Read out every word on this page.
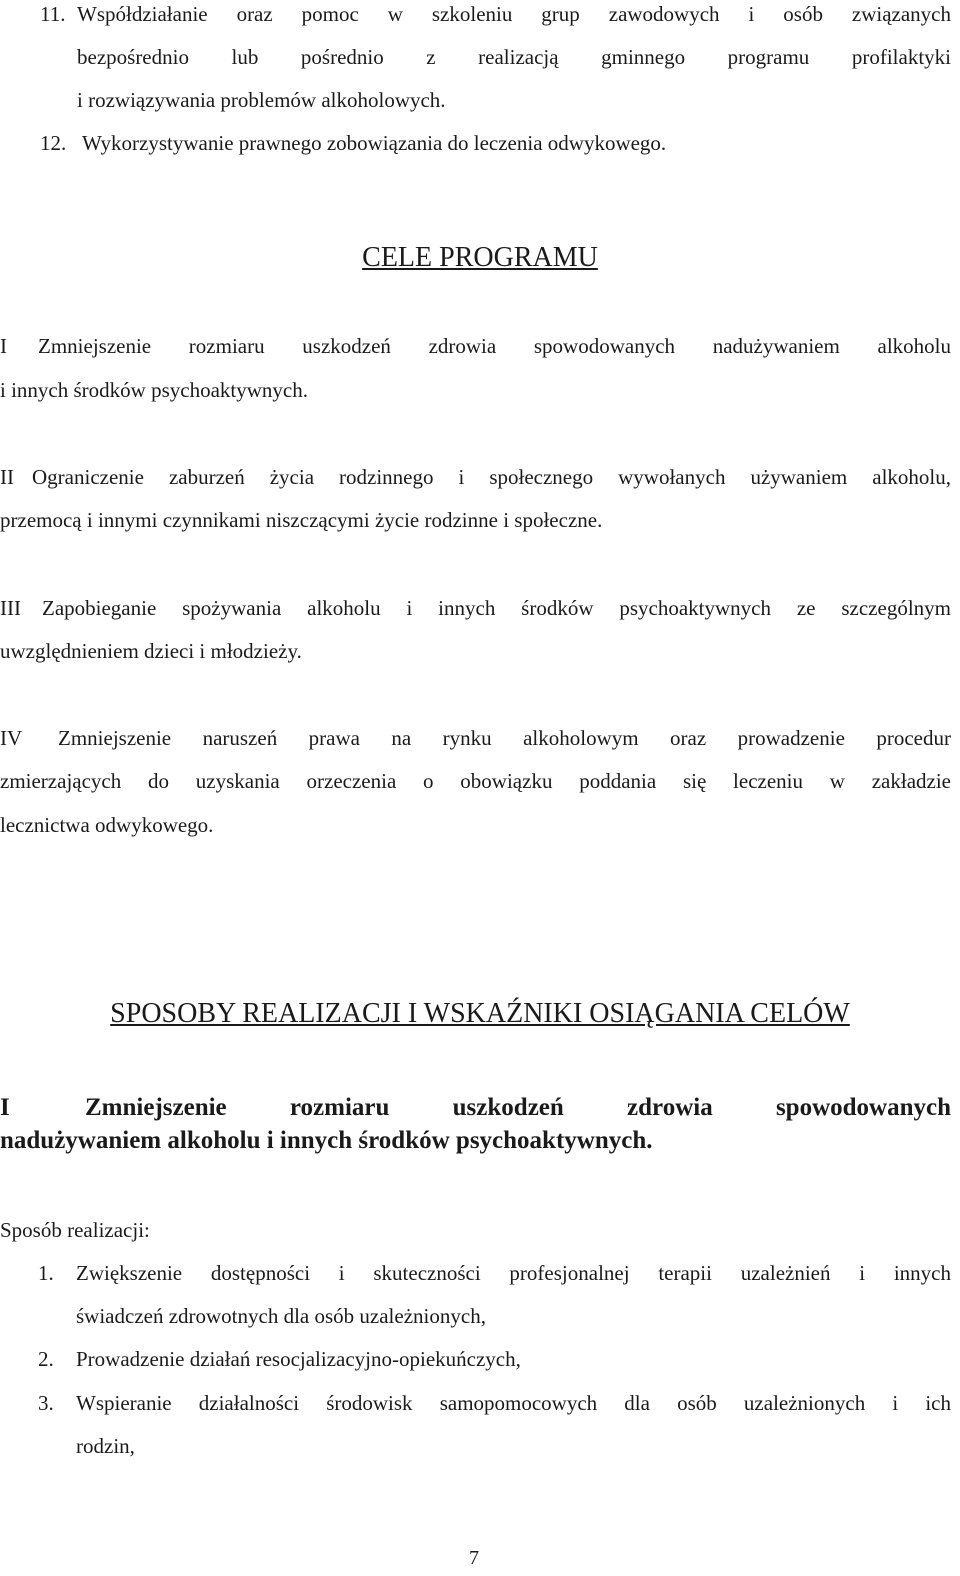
11. Współdziałanie oraz pomoc w szkoleniu grup zawodowych i osób związanych
bezpośrednio lub pośrednio z realizacją gminnego programu profilaktyki
i rozwiązywania problemów alkoholowych.
12. Wykorzystywanie prawnego zobowiązania do leczenia odwykowego.
CELE PROGRAMU
I Zmniejszenie rozmiaru uszkodzeń zdrowia spowodowanych nadużywaniem alkoholu
i innych środków psychoaktywnych.
II Ograniczenie zaburzeń życia rodzinnego i społecznego wywołanych używaniem alkoholu,
przemocą i innymi czynnikami niszczącymi życie rodzinne i społeczne.
III Zapobieganie spożywania alkoholu i innych środków psychoaktywnych ze szczególnym
uwzględnieniem dzieci i młodzieży.
IV Zmniejszenie naruszeń prawa na rynku alkoholowym oraz prowadzenie procedur
zmierzających do uzyskania orzeczenia o obowiązku poddania się leczeniu w zakładzie
lecznictwa odwykowego.
SPOSOBY REALIZACJI I WSKAŹNIKI OSIĄGANIA CELÓW
I	Zmniejszenie rozmiaru uszkodzeń zdrowia spowodowanych
nadużywaniem alkoholu i innych środków psychoaktywnych.
Sposób realizacji:
1. Zwiększenie dostępności i skuteczności profesjonalnej terapii uzależnień i innych
świadczeń zdrowotnych dla osób uzależnionych,
2. Prowadzenie działań resocjalizacyjno-opiekuńczych,
3. Wspieranie działalności środowisk samopomocowych dla osób uzależnionych i ich
rodzin,
7
